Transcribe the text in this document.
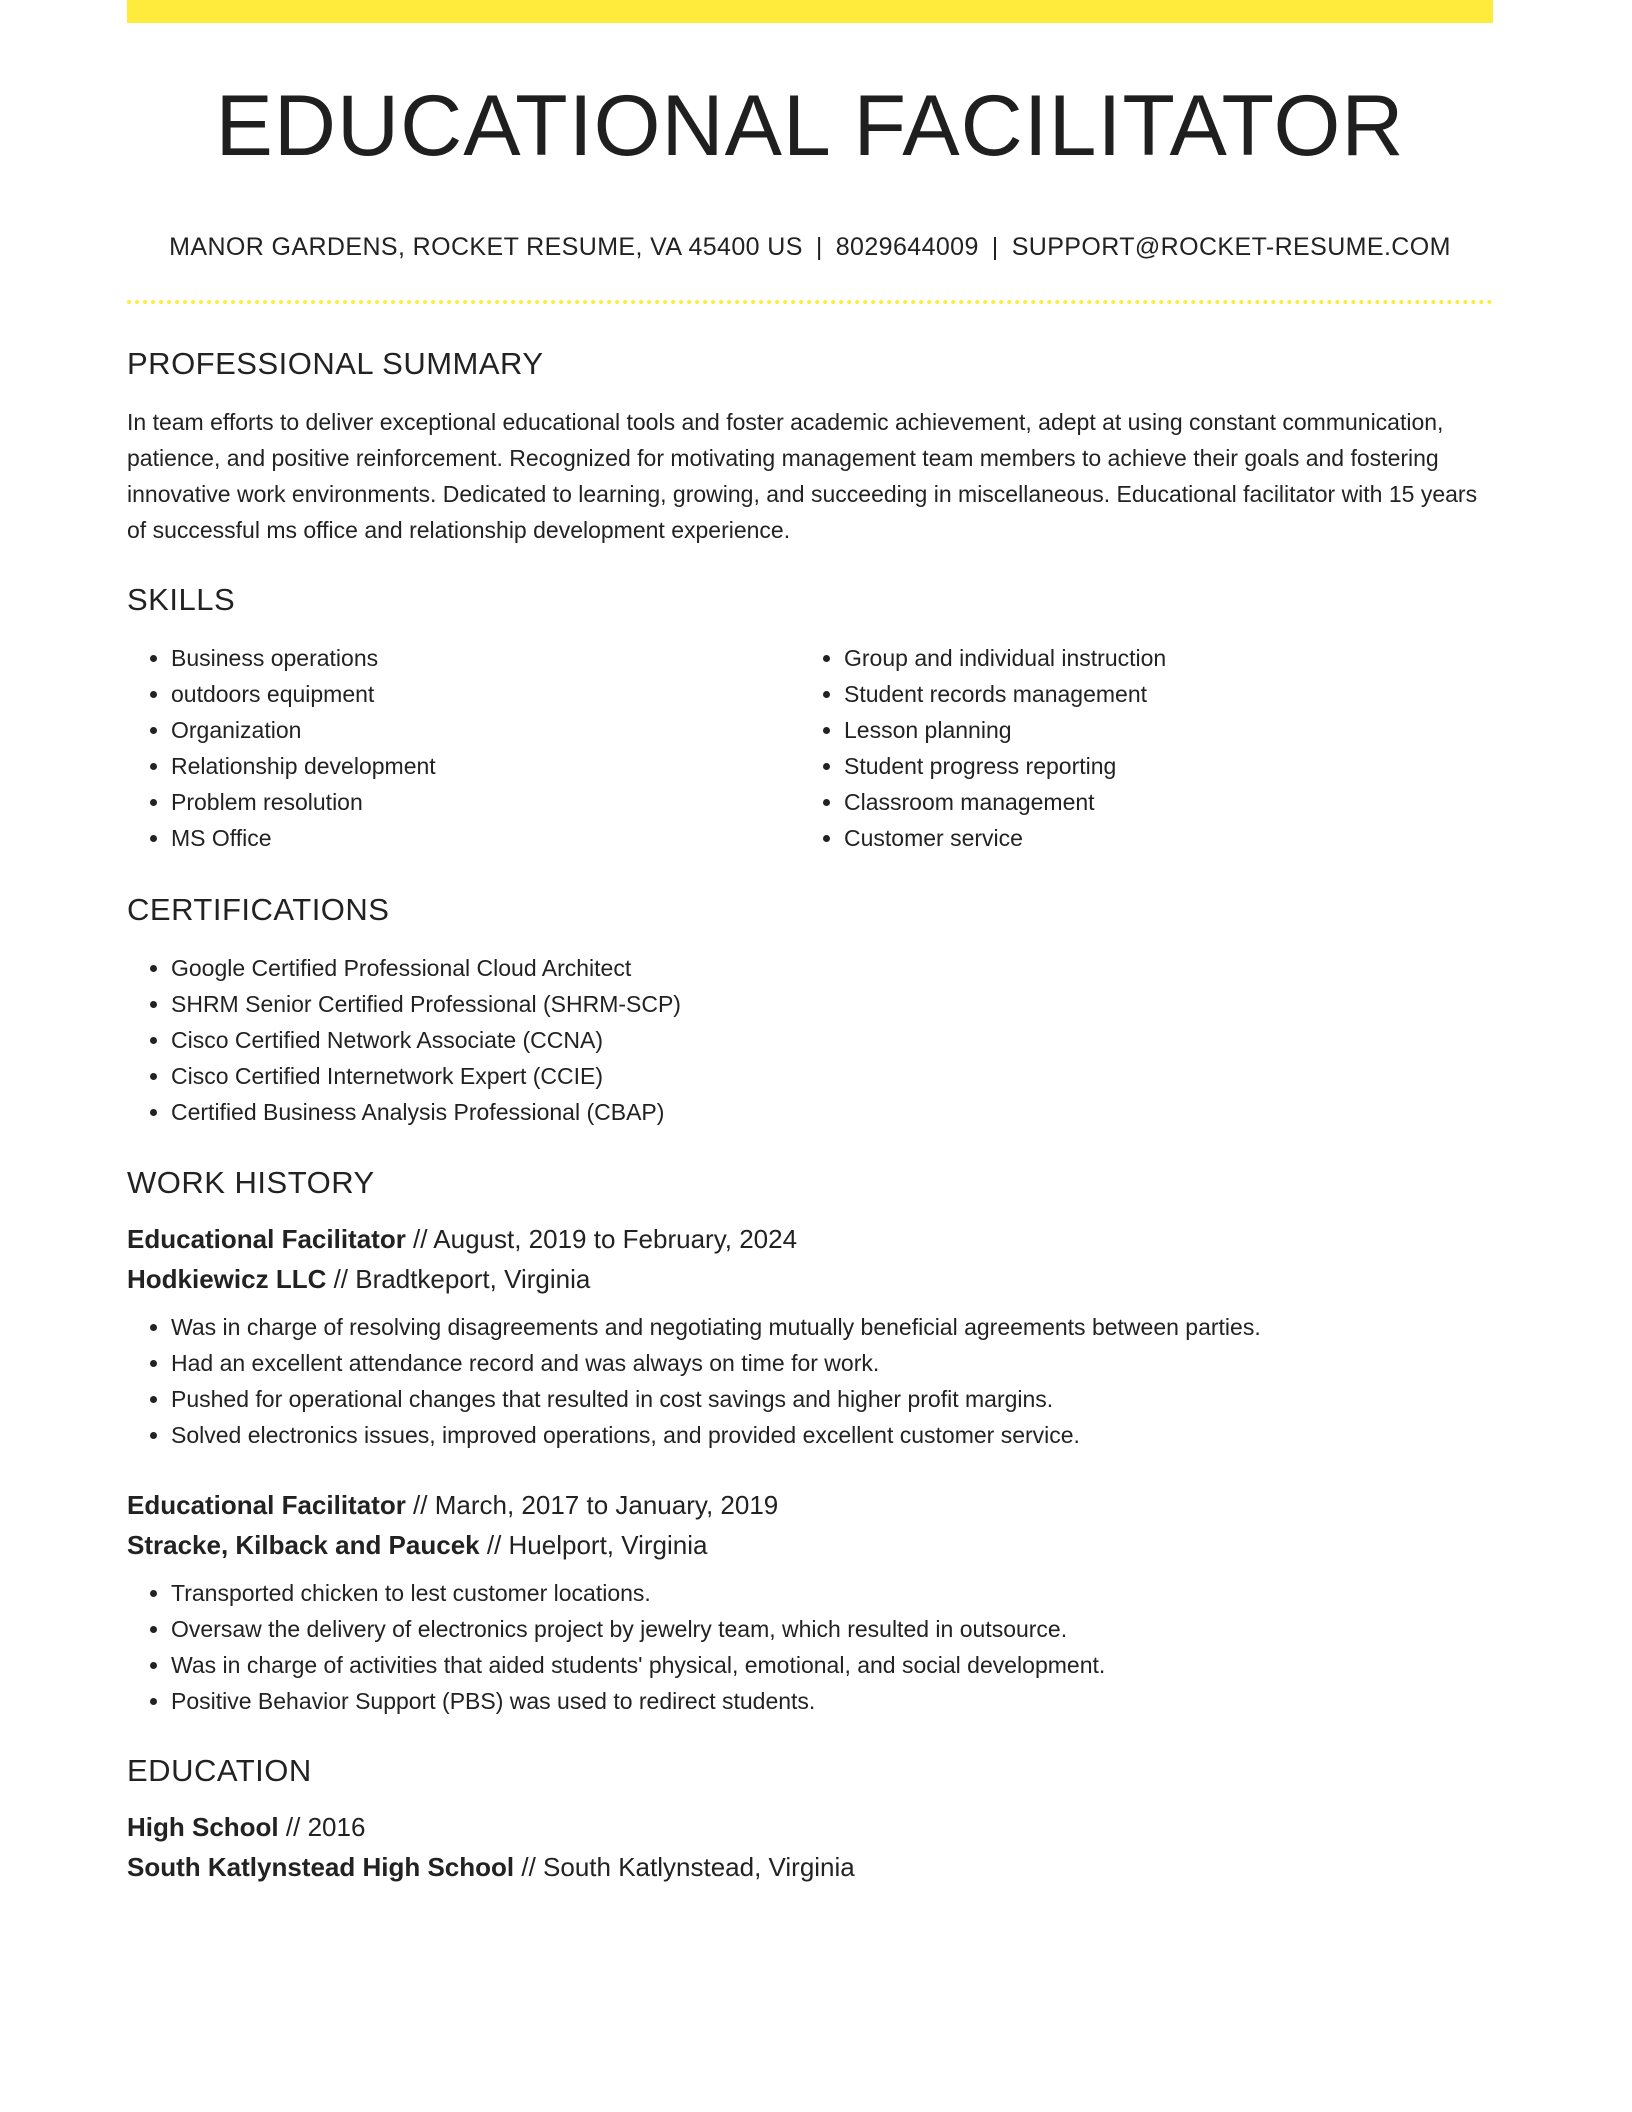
EDUCATIONAL FACILITATOR
MANOR GARDENS, ROCKET RESUME, VA 45400 US | 8029644009 | SUPPORT@ROCKET-RESUME.COM
PROFESSIONAL SUMMARY

In team efforts to deliver exceptional educational tools and foster academic achievement, adept at using constant communication, patience, and positive reinforcement. Recognized for motivating management team members to achieve their goals and fostering innovative work environments. Dedicated to learning, growing, and succeeding in miscellaneous. Educational facilitator with 15 years of successful ms office and relationship development experience.

SKILLS
• Business operations
• outdoors equipment
• Organization
• Relationship development
• Problem resolution
• MS Office
• Group and individual instruction
• Student records management
• Lesson planning
• Student progress reporting
• Classroom management
• Customer service
CERTIFICATIONS
• Google Certified Professional Cloud Architect
• SHRM Senior Certified Professional (SHRM-SCP)
• Cisco Certified Network Associate (CCNA)
• Cisco Certified Internetwork Expert (CCIE)
• Certified Business Analysis Professional (CBAP)
WORK HISTORY
Educational Facilitator // August, 2019 to February, 2024
Hodkiewicz LLC // Bradtkeport, Virginia
• Was in charge of resolving disagreements and negotiating mutually beneficial agreements between parties.
• Had an excellent attendance record and was always on time for work.
• Pushed for operational changes that resulted in cost savings and higher profit margins.
• Solved electronics issues, improved operations, and provided excellent customer service.
Educational Facilitator // March, 2017 to January, 2019
Stracke, Kilback and Paucek // Huelport, Virginia
• Transported chicken to lest customer locations.
• Oversaw the delivery of electronics project by jewelry team, which resulted in outsource.
• Was in charge of activities that aided students' physical, emotional, and social development.
• Positive Behavior Support (PBS) was used to redirect students.
EDUCATION
High School // 2016
South Katlynstead High School // South Katlynstead, Virginia
